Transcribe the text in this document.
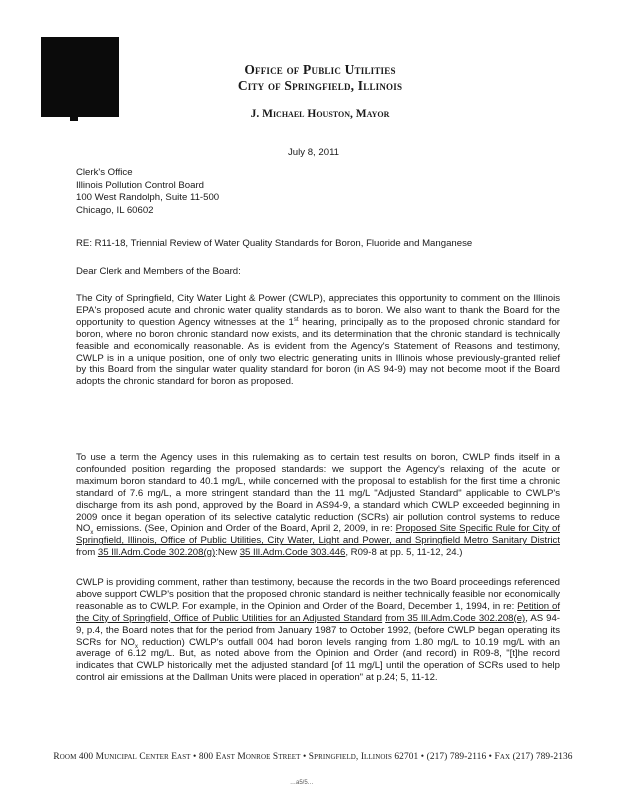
Office of Public Utilities
City of Springfield, Illinois
J. Michael Houston, Mayor
July 8, 2011
Clerk's Office
Illinois Pollution Control Board
100 West Randolph, Suite 11-500
Chicago, IL 60602
RE: R11-18, Triennial Review of Water Quality Standards for Boron, Fluoride and Manganese
Dear Clerk and Members of the Board:
The City of Springfield, City Water Light & Power (CWLP), appreciates this opportunity to comment on the Illinois EPA's proposed acute and chronic water quality standards as to boron. We also want to thank the Board for the opportunity to question Agency witnesses at the 1st hearing, principally as to the proposed chronic standard for boron, where no boron chronic standard now exists, and its determination that the chronic standard is technically feasible and economically reasonable. As is evident from the Agency's Statement of Reasons and testimony, CWLP is in a unique position, one of only two electric generating units in Illinois whose previously-granted relief by this Board from the singular water quality standard for boron (in AS 94-9) may not become moot if the Board adopts the chronic standard for boron as proposed.
To use a term the Agency uses in this rulemaking as to certain test results on boron, CWLP finds itself in a confounded position regarding the proposed standards: we support the Agency's relaxing of the acute or maximum boron standard to 40.1 mg/L, while concerned with the proposal to establish for the first time a chronic standard of 7.6 mg/L, a more stringent standard than the 11 mg/L "Adjusted Standard" applicable to CWLP's discharge from its ash pond, approved by the Board in AS94-9, a standard which CWLP exceeded beginning in 2009 once it began operation of its selective catalytic reduction (SCRs) air pollution control systems to reduce $NO_x$ emissions. (See, Opinion and Order of the Board, April 2, 2009, in re: Proposed Site Specific Rule for City of Springfield, Illinois, Office of Public Utilities, City Water, Light and Power, and Springfield Metro Sanitary District from 35 Ill.Adm.Code 302.208(g):New 35 Ill.Adm.Code 303.446, R09-8 at pp. 5, 11-12, 24.)
CWLP is providing comment, rather than testimony, because the records in the two Board proceedings referenced above support CWLP's position that the proposed chronic standard is neither technically feasible nor economically reasonable as to CWLP. For example, in the Opinion and Order of the Board, December 1, 1994, in re: Petition of the City of Springfield, Office of Public Utilities for an Adjusted Standard from 35 Ill.Adm.Code 302.208(e), AS 94-9, p.4, the Board notes that for the period from January 1987 to October 1992, (before CWLP began operating its SCRs for $NO_x$ reduction) CWLP's outfall 004 had boron levels ranging from 1.80 mg/L to 10.19 mg/L with an average of 6.12 mg/L. But, as noted above from the Opinion and Order (and record) in R09-8, "[t]he record indicates that CWLP historically met the adjusted standard [of 11 mg/L] until the operation of SCRs used to help control air emissions at the Dallman Units were placed in operation" at p.24; 5, 11-12.
Room 400 Municipal Center East • 800 East Monroe Street • Springfield, Illinois 62701 • (217) 789-2116 • Fax (217) 789-2136
…a5/5…
